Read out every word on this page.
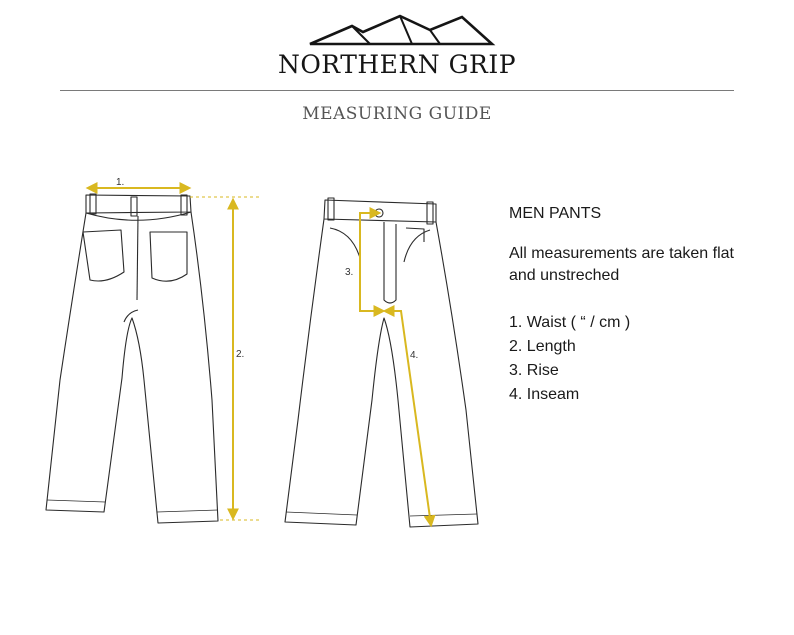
NORTHERN GRIP
MEASURING GUIDE
1.
2.
3.
4.

MEN PANTS

All measurements are taken flat
and unstreched

1. Waist ( “ / cm )
2. Length
3. Rise
4. Inseam
